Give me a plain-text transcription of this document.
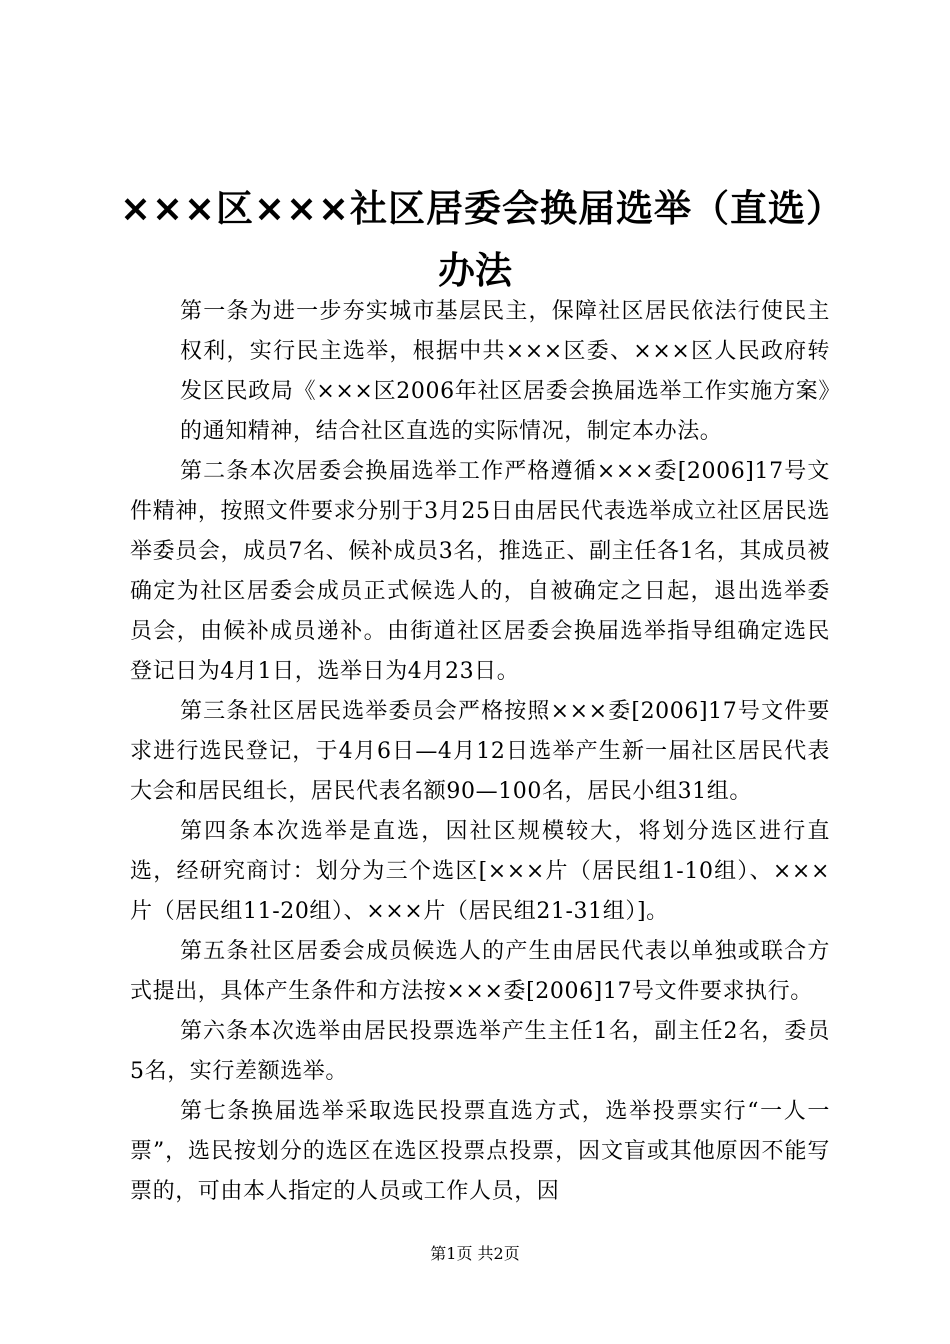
×××区×××社区居委会换届选举（直选）
办法

第一条为进一步夯实城市基层民主，保障社区居民依法行使民主权利，实行民主选举，根据中共×××区委、×××区人民政府转发区民政局《×××区2006年社区居委会换届选举工作实施方案》的通知精神，结合社区直选的实际情况，制定本办法。

第二条本次居委会换届选举工作严格遵循×××委[2006]17号文件精神，按照文件要求分别于3月25日由居民代表选举成立社区居民选举委员会，成员7名、候补成员3名，推选正、副主任各1名，其成员被确定为社区居委会成员正式候选人的，自被确定之日起，退出选举委员会，由候补成员递补。由街道社区居委会换届选举指导组确定选民登记日为4月1日，选举日为4月23日。

第三条社区居民选举委员会严格按照×××委[2006]17号文件要求进行选民登记，于4月6日—4月12日选举产生新一届社区居民代表大会和居民组长，居民代表名额90—100名，居民小组31组。

第四条本次选举是直选，因社区规模较大，将划分选区进行直选，经研究商讨：划分为三个选区[×××片（居民组1-10组）、×××片（居民组11-20组）、×××片（居民组21-31组）]。

第五条社区居委会成员候选人的产生由居民代表以单独或联合方式提出，具体产生条件和方法按×××委[2006]17号文件要求执行。

第六条本次选举由居民投票选举产生主任1名，副主任2名，委员5名，实行差额选举。

第七条换届选举采取选民投票直选方式，选举投票实行“一人一票”，选民按划分的选区在选区投票点投票，因文盲或其他原因不能写票的，可由本人指定的人员或工作人员，因

第1页 共2页
